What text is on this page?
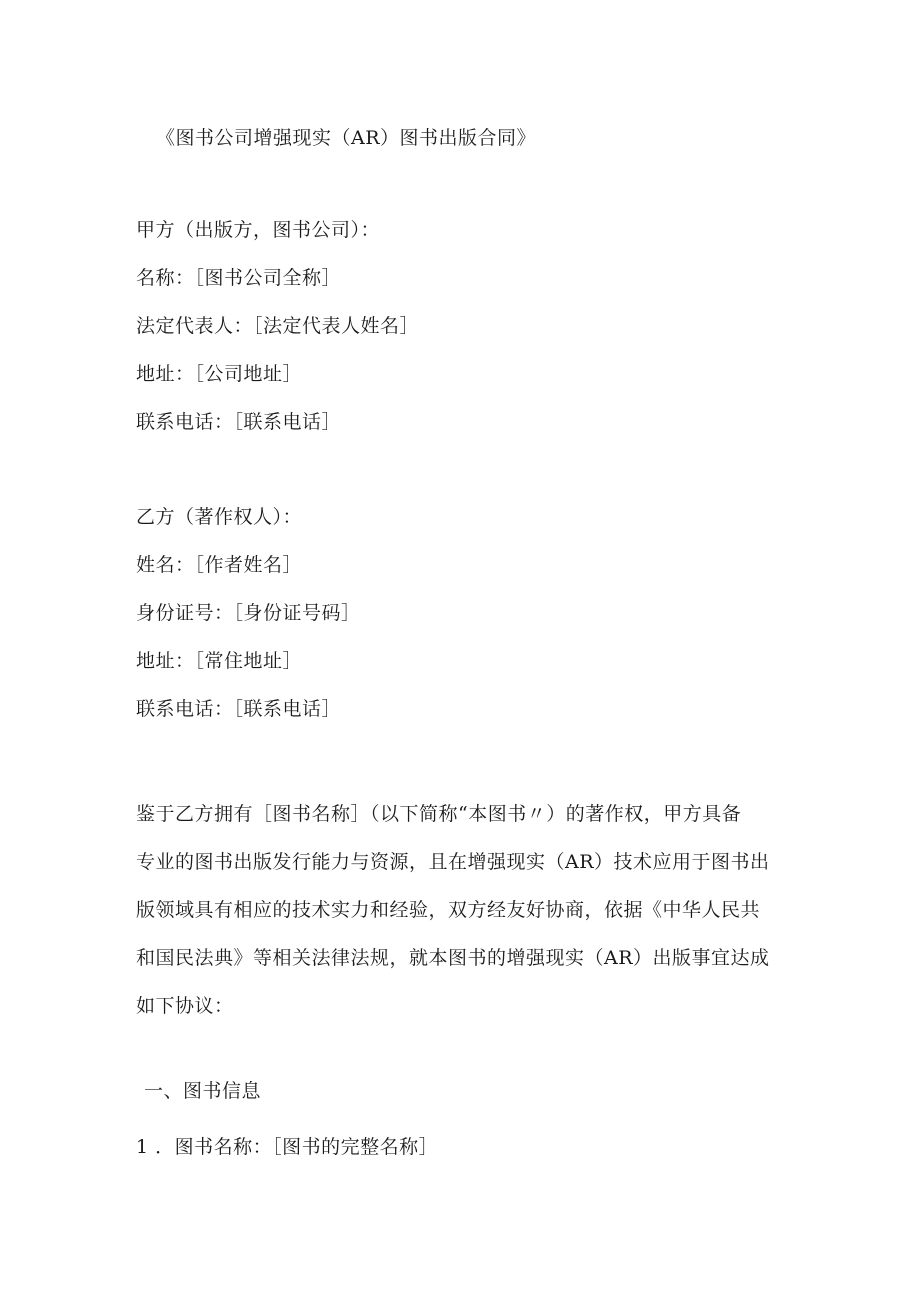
《图书公司增强现实（AR）图书出版合同》
甲方（出版方，图书公司）：
名称：［图书公司全称］
法定代表人：［法定代表人姓名］
地址：［公司地址］
联系电话：［联系电话］
乙方（著作权人）：
姓名：［作者姓名］
身份证号：［身份证号码］
地址：［常住地址］
联系电话：［联系电话］
鉴于乙方拥有［图书名称］（以下简称“本图书〃）的著作权，甲方具备
专业的图书出版发行能力与资源，且在增强现实（AR）技术应用于图书出
版领域具有相应的技术实力和经验，双方经友好协商，依据《中华人民共
和国民法典》等相关法律法规，就本图书的增强现实（AR）出版事宜达成
如下协议：
一、图书信息
1 ．图书名称：［图书的完整名称］
